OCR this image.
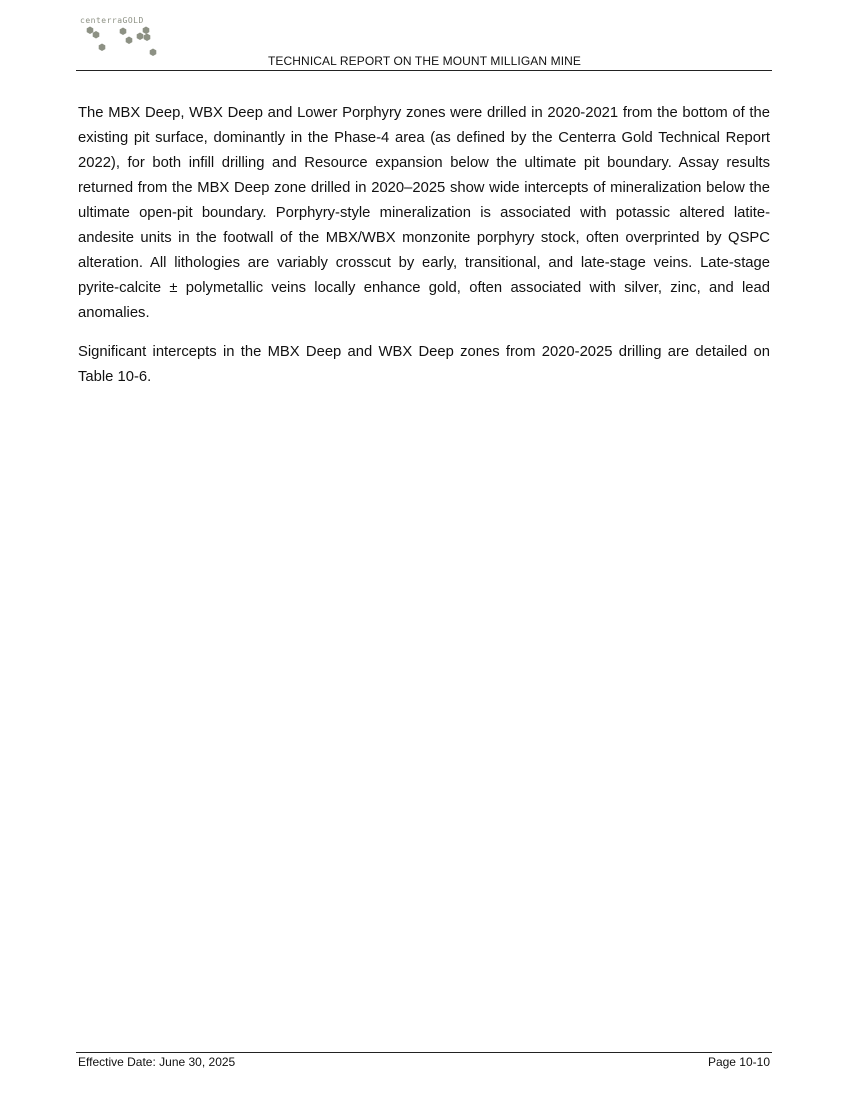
centerraGOLD
TECHNICAL REPORT ON THE MOUNT MILLIGAN MINE

The MBX Deep, WBX Deep and Lower Porphyry zones were drilled in 2020-2021 from the bottom of the existing pit surface, dominantly in the Phase-4 area (as defined by the Centerra Gold Technical Report 2022), for both infill drilling and Resource expansion below the ultimate pit boundary. Assay results returned from the MBX Deep zone drilled in 2020–2025 show wide intercepts of mineralization below the ultimate open-pit boundary. Porphyry-style mineralization is associated with potassic altered latite-andesite units in the footwall of the MBX/WBX monzonite porphyry stock, often overprinted by QSPC alteration. All lithologies are variably crosscut by early, transitional, and late-stage veins. Late-stage pyrite-calcite ± polymetallic veins locally enhance gold, often associated with silver, zinc, and lead anomalies.

Significant intercepts in the MBX Deep and WBX Deep zones from 2020-2025 drilling are detailed on Table 10-6.

Effective Date: June 30, 2025	Page 10-10
